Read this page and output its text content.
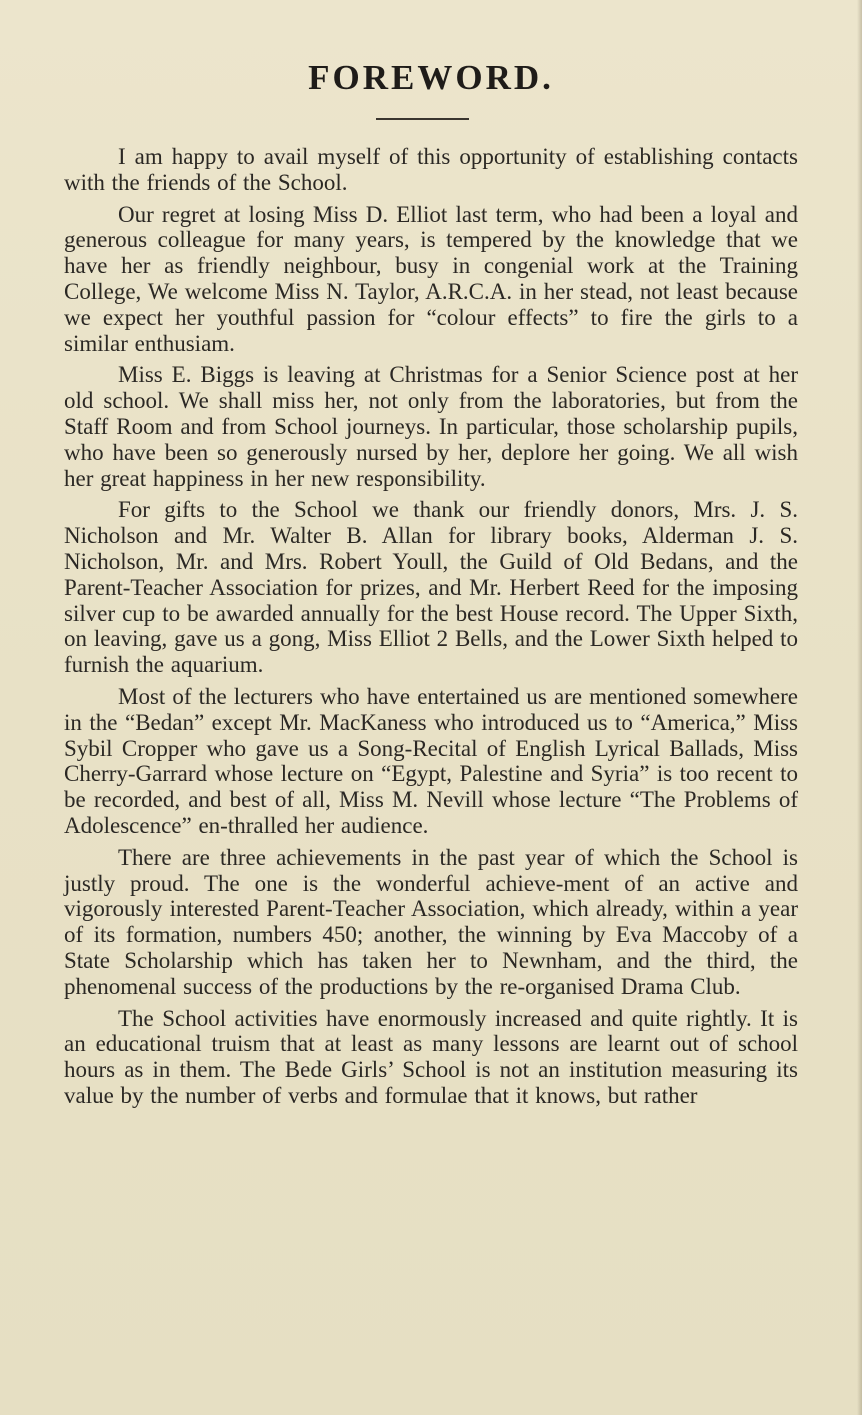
FOREWORD.

I am happy to avail myself of this opportunity of establishing contacts with the friends of the School.

Our regret at losing Miss D. Elliot last term, who had been a loyal and generous colleague for many years, is tempered by the knowledge that we have her as friendly neighbour, busy in congenial work at the Training College, We welcome Miss N. Taylor, A.R.C.A. in her stead, not least because we expect her youthful passion for “colour effects” to fire the girls to a similar enthusiam.

Miss E. Biggs is leaving at Christmas for a Senior Science post at her old school. We shall miss her, not only from the laboratories, but from the Staff Room and from School journeys. In particular, those scholarship pupils, who have been so generously nursed by her, deplore her going. We all wish her great happiness in her new responsibility.

For gifts to the School we thank our friendly donors, Mrs. J. S. Nicholson and Mr. Walter B. Allan for library books, Alderman J. S. Nicholson, Mr. and Mrs. Robert Youll, the Guild of Old Bedans, and the Parent-Teacher Association for prizes, and Mr. Herbert Reed for the imposing silver cup to be awarded annually for the best House record. The Upper Sixth, on leaving, gave us a gong, Miss Elliot 2 Bells, and the Lower Sixth helped to furnish the aquarium.

Most of the lecturers who have entertained us are mentioned somewhere in the “Bedan” except Mr. MacKaness who introduced us to “America,” Miss Sybil Cropper who gave us a Song-Recital of English Lyrical Ballads, Miss Cherry-Garrard whose lecture on “Egypt, Palestine and Syria” is too recent to be recorded, and best of all, Miss M. Nevill whose lecture “The Problems of Adolescence” en-thralled her audience.

There are three achievements in the past year of which the School is justly proud. The one is the wonderful achieve-ment of an active and vigorously interested Parent-Teacher Association, which already, within a year of its formation, numbers 450; another, the winning by Eva Maccoby of a State Scholarship which has taken her to Newnham, and the third, the phenomenal success of the productions by the re-organised Drama Club.

The School activities have enormously increased and quite rightly. It is an educational truism that at least as many lessons are learnt out of school hours as in them. The Bede Girls’ School is not an institution measuring its value by the number of verbs and formulae that it knows, but rather
